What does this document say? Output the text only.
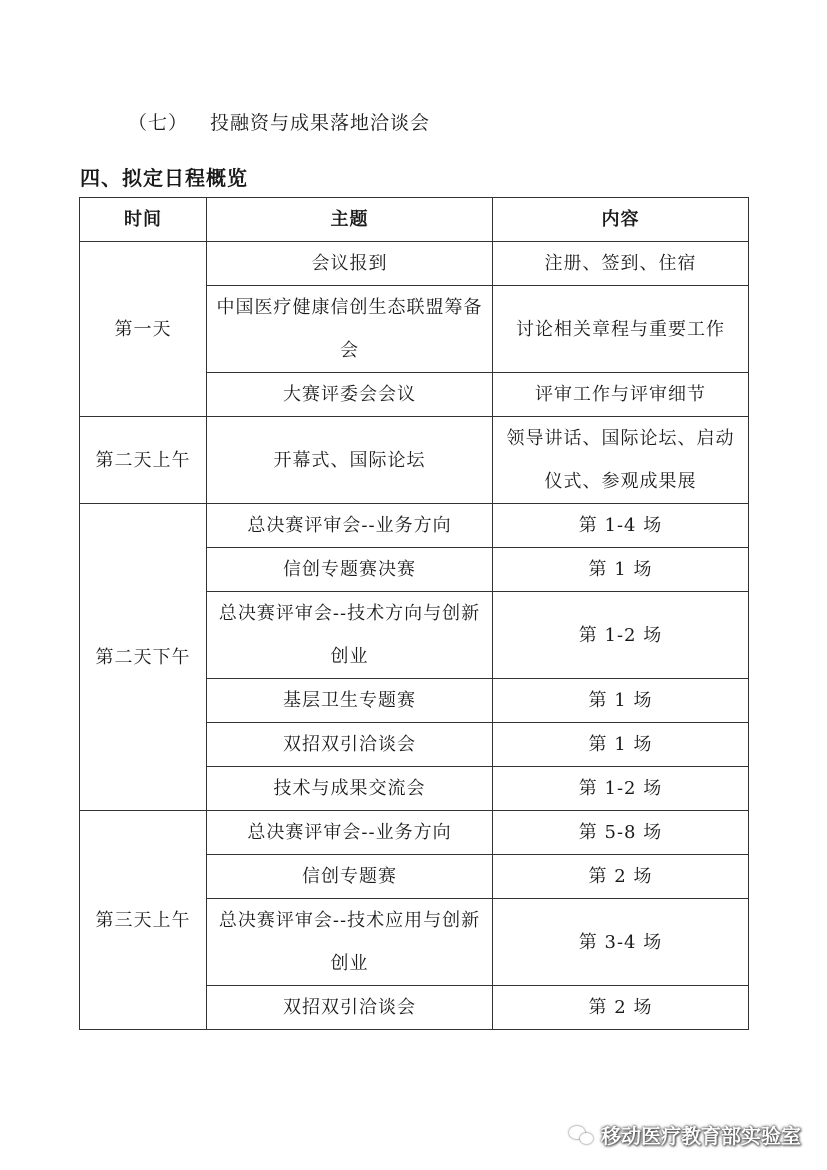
（七） 投融资与成果落地洽谈会
四、拟定日程概览
时间	主题	内容
第一天	会议报到	注册、签到、住宿
	中国医疗健康信创生态联盟筹备会	讨论相关章程与重要工作
	大赛评委会会议	评审工作与评审细节
第二天上午	开幕式、国际论坛	领导讲话、国际论坛、启动仪式、参观成果展
第二天下午	总决赛评审会--业务方向	第 1-4 场
	信创专题赛决赛	第 1 场
	总决赛评审会--技术方向与创新创业	第 1-2 场
	基层卫生专题赛	第 1 场
	双招双引洽谈会	第 1 场
	技术与成果交流会	第 1-2 场
第三天上午	总决赛评审会--业务方向	第 5-8 场
	信创专题赛	第 2 场
	总决赛评审会--技术应用与创新创业	第 3-4 场
	双招双引洽谈会	第 2 场
移动医疗教育部实验室
